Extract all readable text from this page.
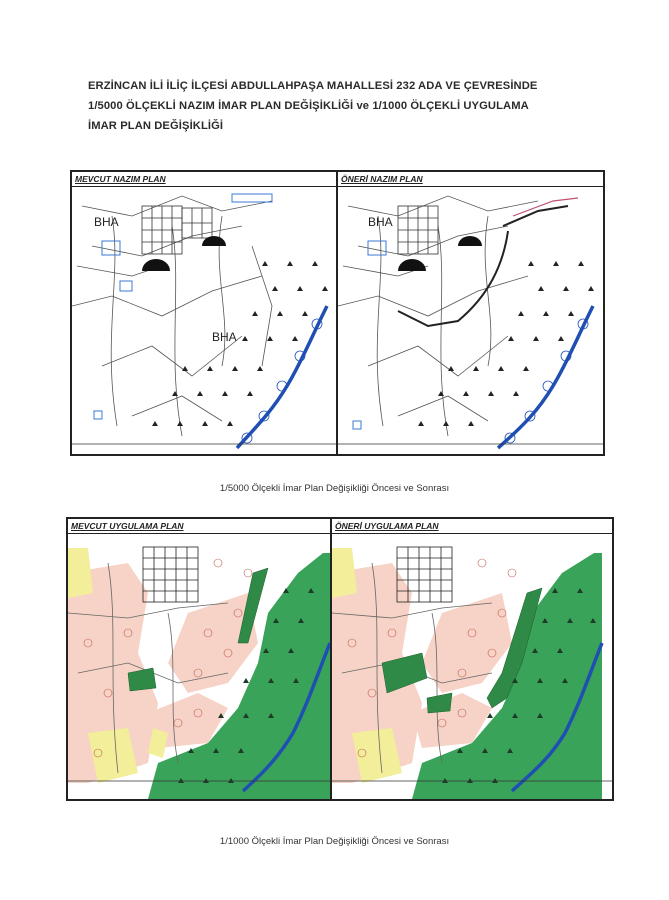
ERZİNCAN İLİ İLİÇ İLÇESİ ABDULLAHPAŞA MAHALLESİ 232 ADA VE ÇEVRESİNDE
1/5000 ÖLÇEKLİ NAZIM İMAR PLAN DEĞİŞİKLİĞİ ve 1/1000 ÖLÇEKLİ UYGULAMA
İMAR PLAN DEĞİŞİKLİĞİ
MEVCUT NAZIM PLAN
BHA
BHA
ÖNERİ NAZIM PLAN
BHA
1/5000 Ölçekli İmar Plan Değişikliği Öncesi ve Sonrası
MEVCUT UYGULAMA PLAN	ÖNERİ UYGULAMA PLAN
1/1000 Ölçekli İmar Plan Değişikliği Öncesi ve Sonrası
